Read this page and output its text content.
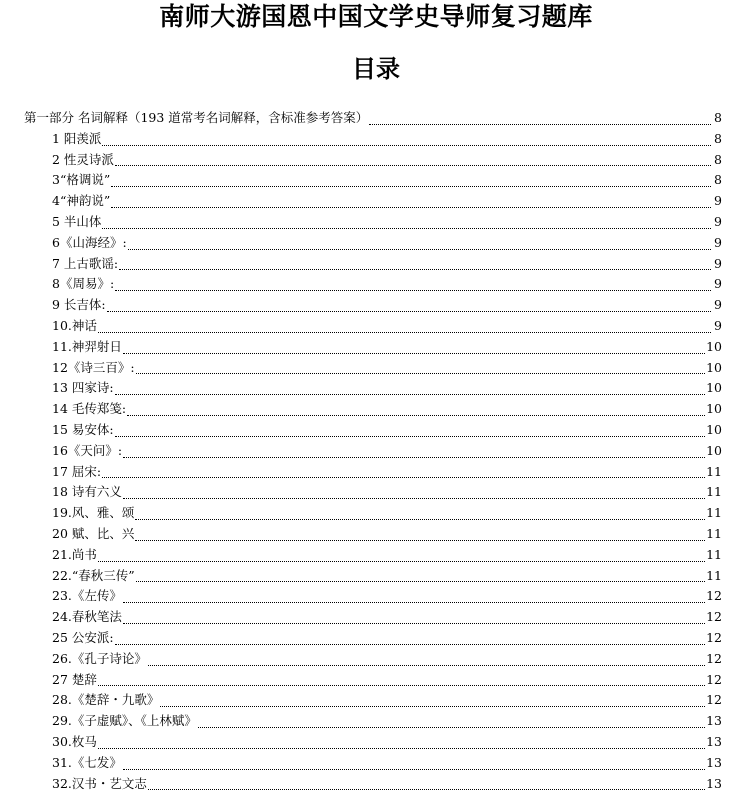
南师大游国恩中国文学史导师复习题库
目录
第一部分 名词解释（193 道常考名词解释，含标准参考答案）	8
1 阳羡派	8
2 性灵诗派	8
3“格调说”	8
4“神韵说”	9
5 半山体	9
6《山海经》:	9
7 上古歌谣:	9
8《周易》:	9
9 长吉体:	9
10.神话	9
11.神羿射日	10
12《诗三百》:	10
13 四家诗:	10
14 毛传郑笺:	10
15 易安体:	10
16《天问》:	10
17 屈宋:	11
18 诗有六义	11
19.风、雅、颂	11
20 赋、比、兴	11
21.尚书	11
22.“春秋三传”	11
23.《左传》	12
24.春秋笔法	12
25 公安派:	12
26.《孔子诗论》	12
27 楚辞	12
28.《楚辞・九歌》	12
29.《子虚赋》、《上林赋》	13
30.枚马	13
31.《七发》	13
32.汉书・艺文志	13
